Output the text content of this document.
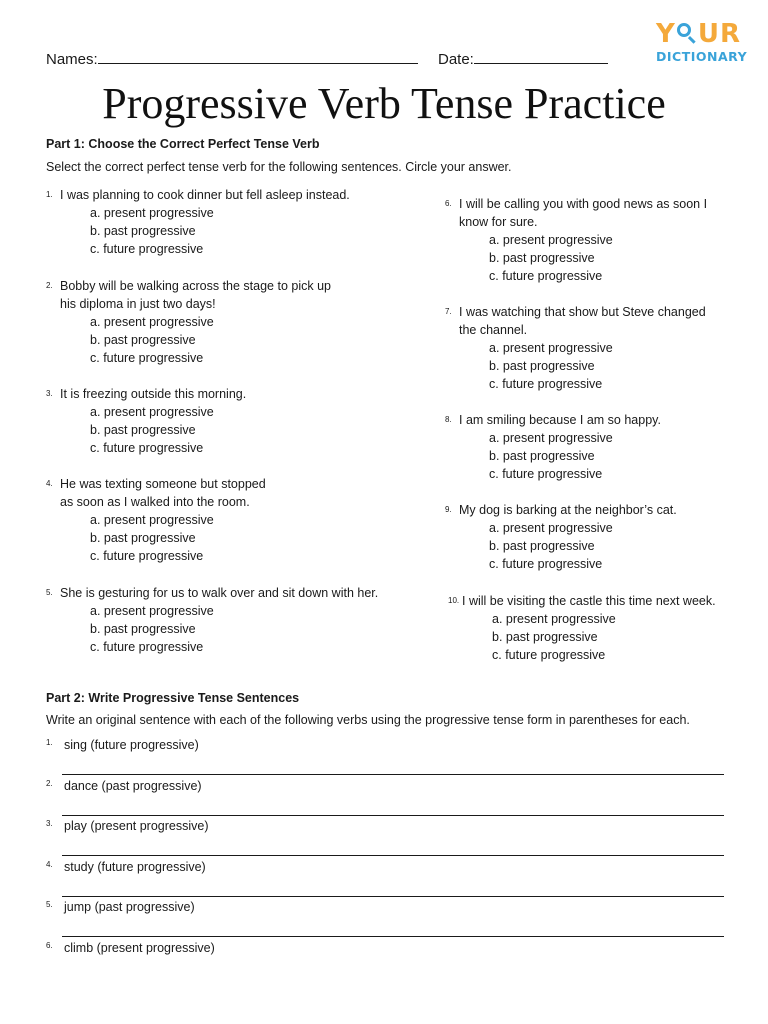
Names:	Date:
Y UR
DICTIONARY
Progressive Verb Tense Practice
Part 1: Choose the Correct Perfect Tense Verb
Select the correct perfect tense verb for the following sentences. Circle your answer.
1. I was planning to cook dinner but fell asleep instead.
a. present progressive
b. past progressive
c. future progressive
2. Bobby will be walking across the stage to pick up
his diploma in just two days!
a. present progressive
b. past progressive
c. future progressive
3. It is freezing outside this morning.
a. present progressive
b. past progressive
c. future progressive
4. He was texting someone but stopped
as soon as I walked into the room.
a. present progressive
b. past progressive
c. future progressive
5. She is gesturing for us to walk over and sit down with her.
a. present progressive
b. past progressive
c. future progressive
6. I will be calling you with good news as soon I
know for sure.
a. present progressive
b. past progressive
c. future progressive
7. I was watching that show but Steve changed
the channel.
a. present progressive
b. past progressive
c. future progressive
8. I am smiling because I am so happy.
a. present progressive
b. past progressive
c. future progressive
9. My dog is barking at the neighbor’s cat.
a. present progressive
b. past progressive
c. future progressive
10. I will be visiting the castle this time next week.
a. present progressive
b. past progressive
c. future progressive
Part 2: Write Progressive Tense Sentences
Write an original sentence with each of the following verbs using the progressive tense form in parentheses for each.
1. sing (future progressive)
2. dance (past progressive)
3. play (present progressive)
4. study (future progressive)
5. jump (past progressive)
6. climb (present progressive)
